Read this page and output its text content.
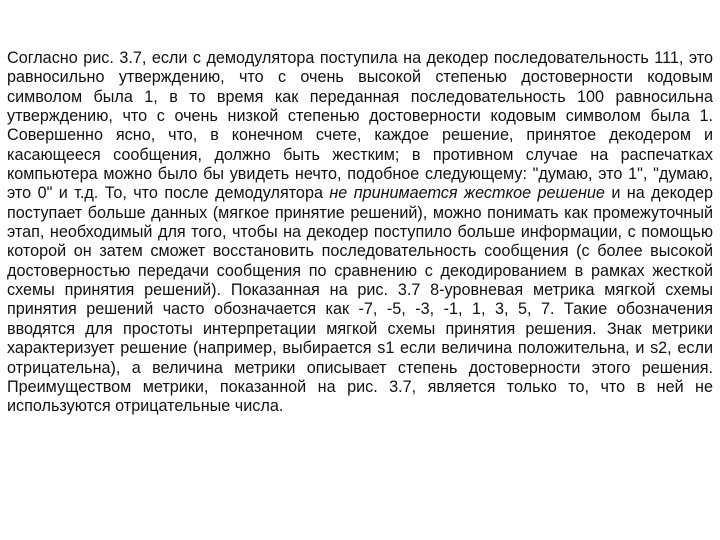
Согласно рис. 3.7, если с демодулятора поступила на декодер последовательность 111, это равносильно утверждению, что с очень высокой степенью достоверности кодовым символом была 1, в то время как переданная последовательность 100 равносильна утверждению, что с очень низкой степенью достоверности кодовым символом была 1. Совершенно ясно, что, в конечном счете, каждое решение, принятое декодером и касающееся сообщения, должно быть жестким; в противном случае на распечатках компьютера можно было бы увидеть нечто, подобное следующему: "думаю, это 1", "думаю, это 0" и т.д. То, что после демодулятора не принимается жесткое решение и на декодер поступает больше данных (мягкое принятие решений), можно понимать как промежуточный этап, необходимый для того, чтобы на декодер поступило больше информации, с помощью которой он затем сможет восстановить последовательность сообщения (с более высокой достоверностью передачи сообщения по сравнению с декодированием в рамках жесткой схемы принятия решений). Показанная на рис. 3.7 8-уровневая метрика мягкой схемы принятия решений часто обозначается как -7, -5, -3, -1, 1, 3, 5, 7. Такие обозначения вводятся для простоты интерпретации мягкой схемы принятия решения. Знак метрики характеризует решение (например, выбирается s1 если величина положительна, и s2, если отрицательна), а величина метрики описывает степень достоверности этого решения. Преимуществом метрики, показанной на рис. 3.7, является только то, что в ней не используются отрицательные числа.
